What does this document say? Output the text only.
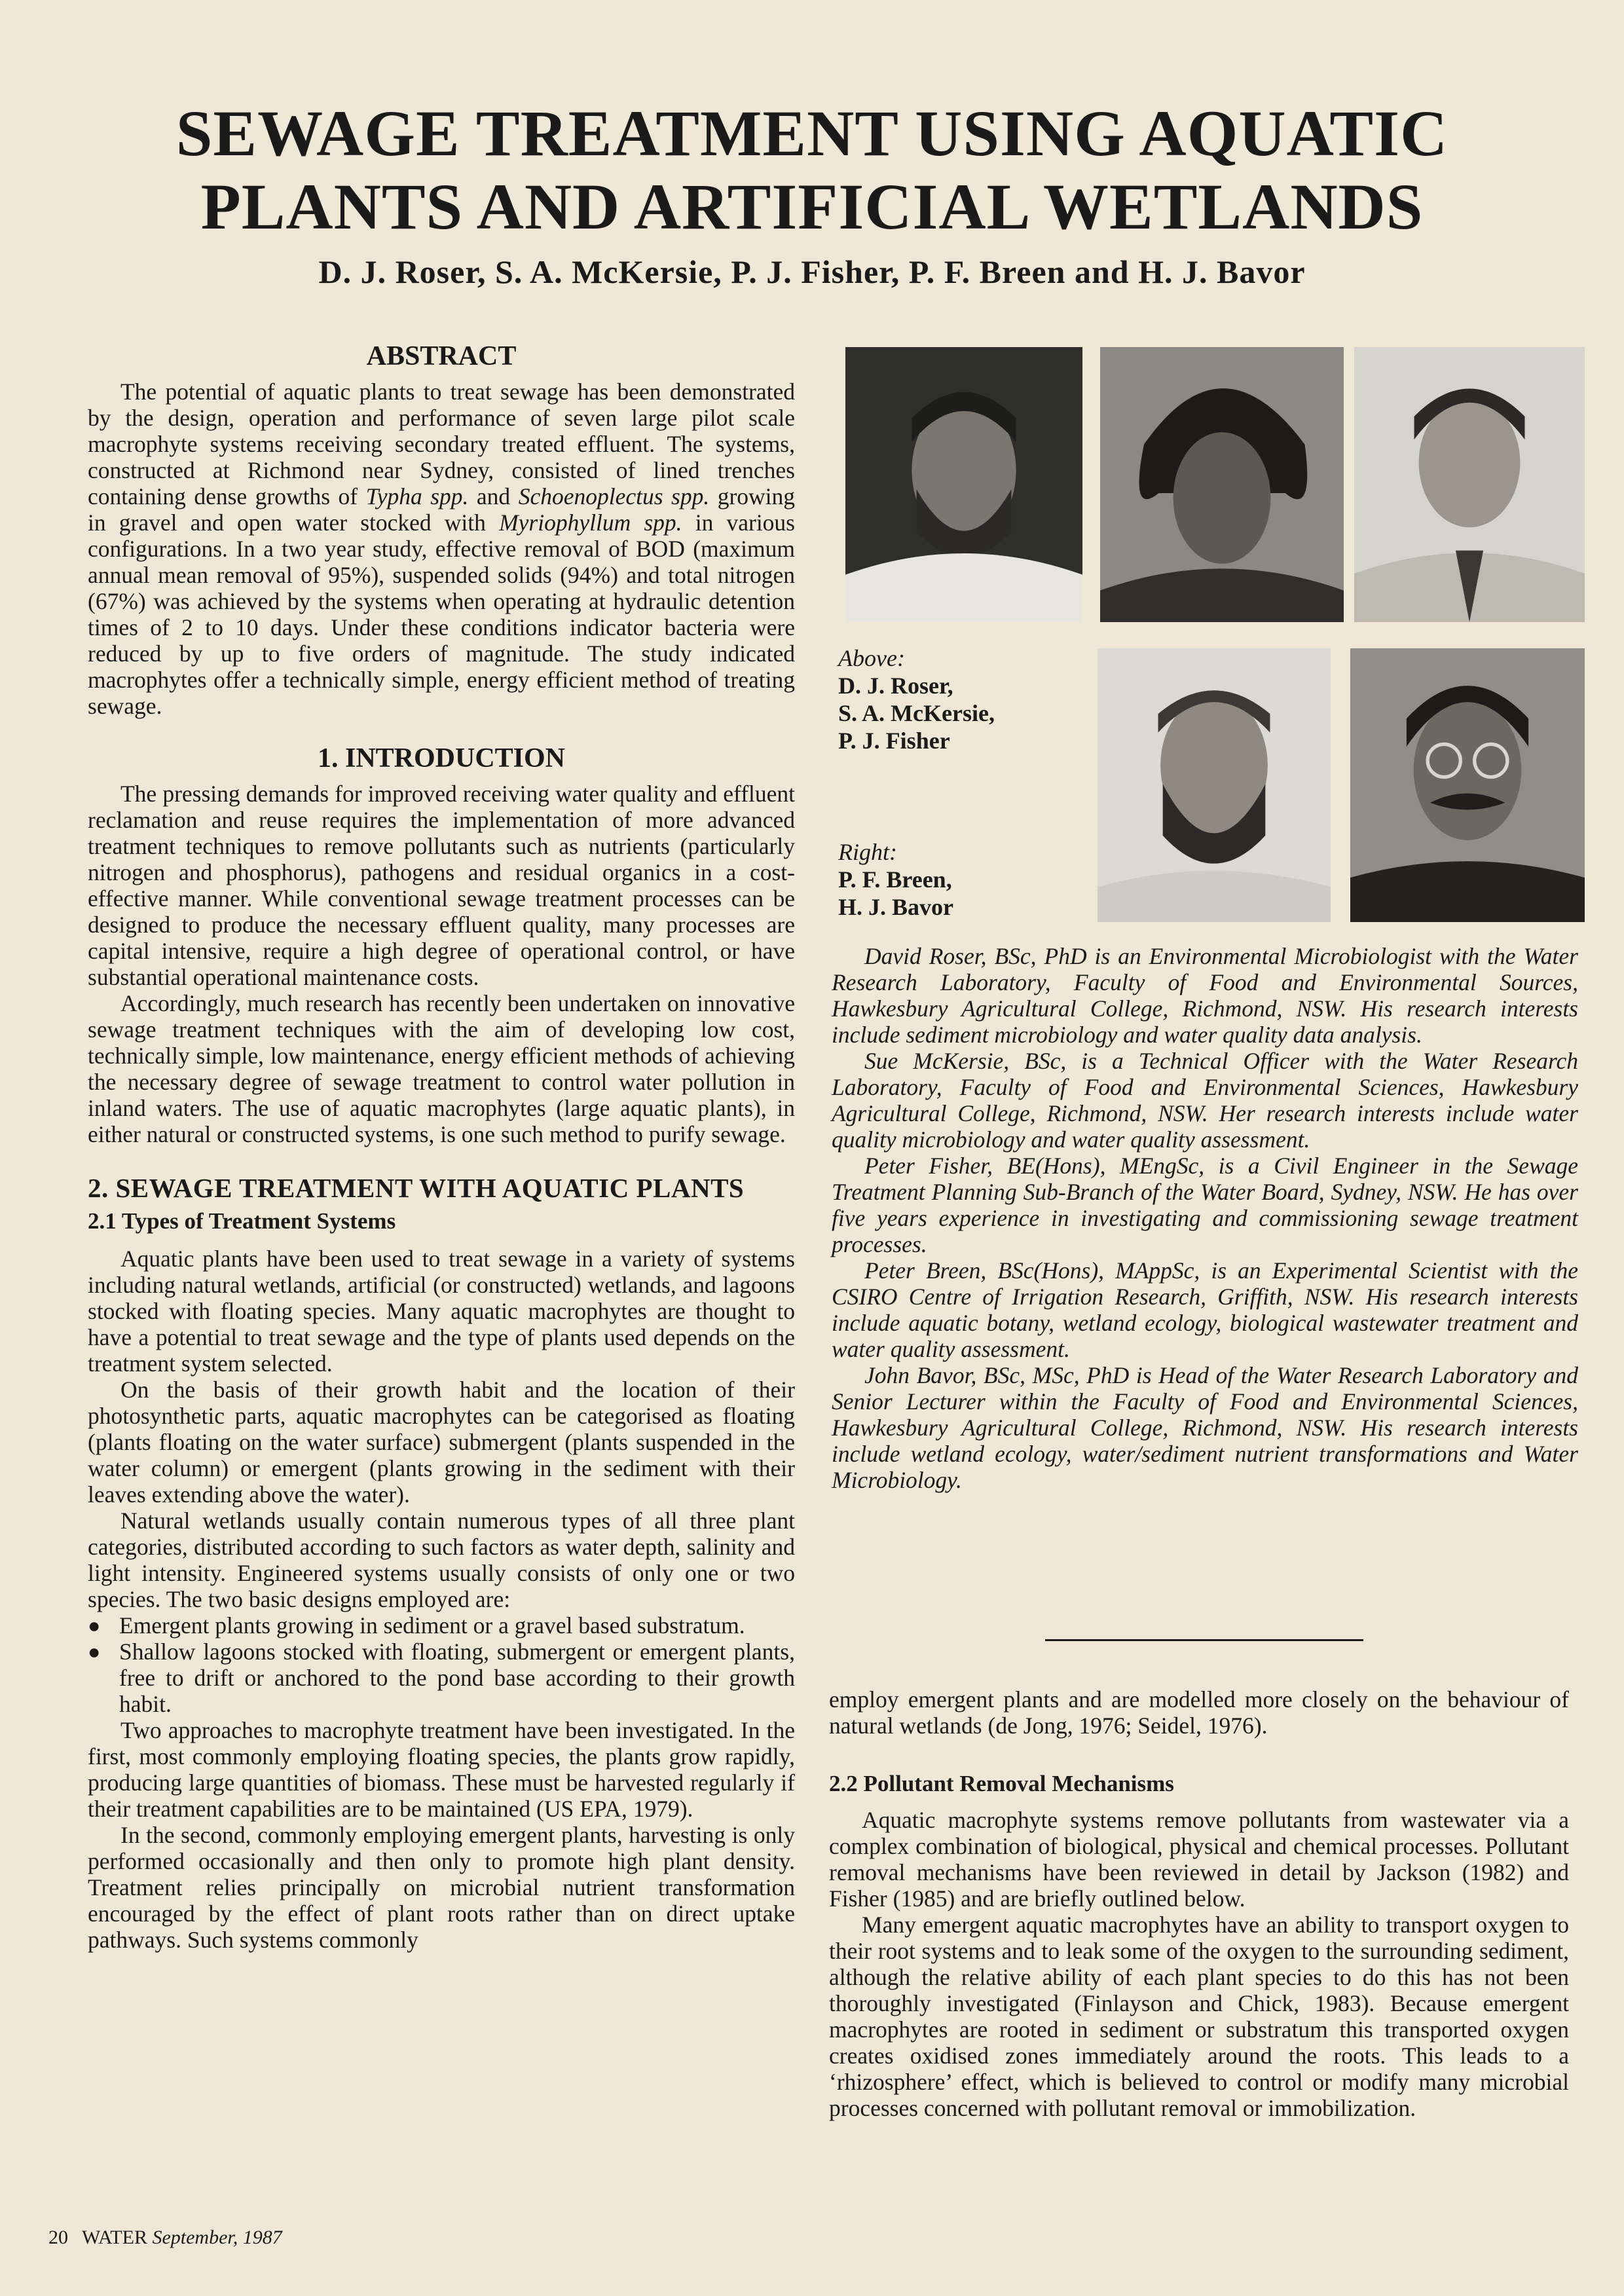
SEWAGE TREATMENT USING AQUATIC
PLANTS AND ARTIFICIAL WETLANDS
D. J. Roser, S. A. McKersie, P. J. Fisher, P. F. Breen and H. J. Bavor
ABSTRACT

The potential of aquatic plants to treat sewage has been demonstrated by the design, operation and performance of seven large pilot scale macrophyte systems receiving secondary treated effluent. The systems, constructed at Richmond near Sydney, consisted of lined trenches containing dense growths of Typha spp. and Schoenoplectus spp. growing in gravel and open water stocked with Myriophyllum spp. in various configurations. In a two year study, effective removal of BOD (maximum annual mean removal of 95%), suspended solids (94%) and total nitrogen (67%) was achieved by the systems when operating at hydraulic detention times of 2 to 10 days. Under these conditions indicator bacteria were reduced by up to five orders of magnitude. The study indicated macrophytes offer a technically simple, energy efficient method of treating sewage.

1. INTRODUCTION

The pressing demands for improved receiving water quality and effluent reclamation and reuse requires the implementation of more advanced treatment techniques to remove pollutants such as nutrients (particularly nitrogen and phosphorus), pathogens and residual organics in a cost-effective manner. While conventional sewage treatment processes can be designed to produce the necessary effluent quality, many processes are capital intensive, require a high degree of operational control, or have substantial operational maintenance costs.

Accordingly, much research has recently been undertaken on innovative sewage treatment techniques with the aim of developing low cost, technically simple, low maintenance, energy efficient methods of achieving the necessary degree of sewage treatment to control water pollution in inland waters. The use of aquatic macrophytes (large aquatic plants), in either natural or constructed systems, is one such method to purify sewage.

2. SEWAGE TREATMENT WITH AQUATIC PLANTS
2.1 Types of Treatment Systems

Aquatic plants have been used to treat sewage in a variety of systems including natural wetlands, artificial (or constructed) wetlands, and lagoons stocked with floating species. Many aquatic macrophytes are thought to have a potential to treat sewage and the type of plants used depends on the treatment system selected.

On the basis of their growth habit and the location of their photosynthetic parts, aquatic macrophytes can be categorised as floating (plants floating on the water surface) submergent (plants suspended in the water column) or emergent (plants growing in the sediment with their leaves extending above the water).

Natural wetlands usually contain numerous types of all three plant categories, distributed according to such factors as water depth, salinity and light intensity. Engineered systems usually consists of only one or two species. The two basic designs employed are:

● Emergent plants growing in sediment or a gravel based substratum.
● Shallow lagoons stocked with floating, submergent or emergent plants, free to drift or anchored to the pond base according to their growth habit.

Two approaches to macrophyte treatment have been investigated. In the first, most commonly employing floating species, the plants grow rapidly, producing large quantities of biomass. These must be harvested regularly if their treatment capabilities are to be maintained (US EPA, 1979).

In the second, commonly employing emergent plants, harvesting is only performed occasionally and then only to promote high plant density. Treatment relies principally on microbial nutrient transformation encouraged by the effect of plant roots rather than on direct uptake pathways. Such systems commonly

Above:
D. J. Roser,
S. A. McKersie,
P. J. Fisher
Right:
P. F. Breen,
H. J. Bavor

David Roser, BSc, PhD is an Environmental Microbiologist with the Water Research Laboratory, Faculty of Food and Environmental Sources, Hawkesbury Agricultural College, Richmond, NSW. His research interests include sediment microbiology and water quality data analysis.

Sue McKersie, BSc, is a Technical Officer with the Water Research Laboratory, Faculty of Food and Environmental Sciences, Hawkesbury Agricultural College, Richmond, NSW. Her research interests include water quality microbiology and water quality assessment.

Peter Fisher, BE(Hons), MEngSc, is a Civil Engineer in the Sewage Treatment Planning Sub-Branch of the Water Board, Sydney, NSW. He has over five years experience in investigating and commissioning sewage treatment processes.

Peter Breen, BSc(Hons), MAppSc, is an Experimental Scientist with the CSIRO Centre of Irrigation Research, Griffith, NSW. His research interests include aquatic botany, wetland ecology, biological wastewater treatment and water quality assessment.

John Bavor, BSc, MSc, PhD is Head of the Water Research Laboratory and Senior Lecturer within the Faculty of Food and Environmental Sciences, Hawkesbury Agricultural College, Richmond, NSW. His research interests include wetland ecology, water/sediment nutrient transformations and Water Microbiology.

employ emergent plants and are modelled more closely on the behaviour of natural wetlands (de Jong, 1976; Seidel, 1976).

2.2 Pollutant Removal Mechanisms

Aquatic macrophyte systems remove pollutants from wastewater via a complex combination of biological, physical and chemical processes. Pollutant removal mechanisms have been reviewed in detail by Jackson (1982) and Fisher (1985) and are briefly outlined below.

Many emergent aquatic macrophytes have an ability to transport oxygen to their root systems and to leak some of the oxygen to the surrounding sediment, although the relative ability of each plant species to do this has not been thoroughly investigated (Finlayson and Chick, 1983). Because emergent macrophytes are rooted in sediment or substratum this transported oxygen creates oxidised zones immediately around the roots. This leads to a ‘rhizosphere’ effect, which is believed to control or modify many microbial processes concerned with pollutant removal or immobilization.

20 WATER September, 1987
